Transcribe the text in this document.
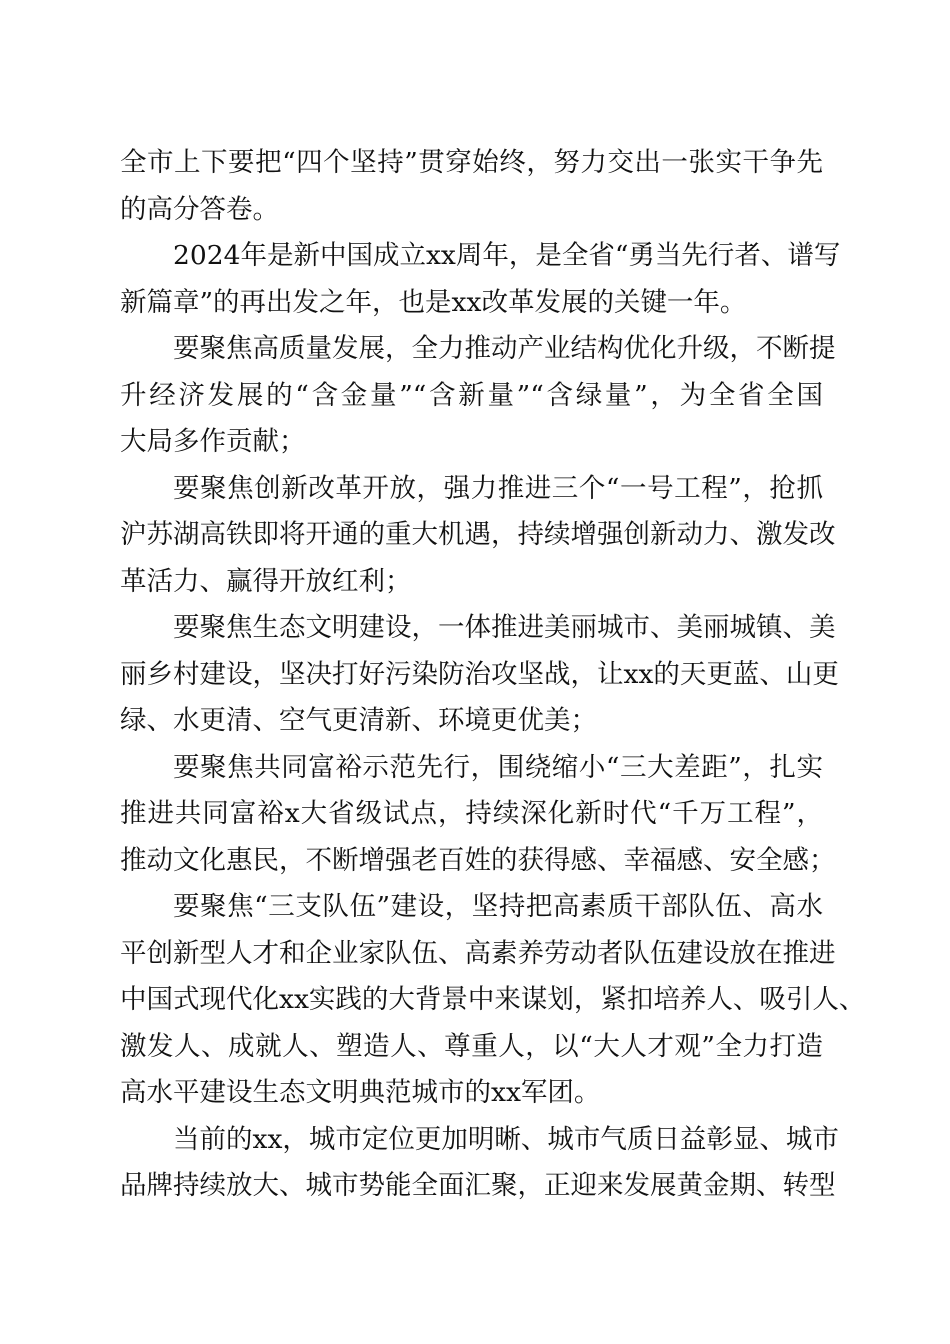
全市上下要把“四个坚持”贯穿始终，努力交出一张实干争先
的高分答卷。
2024年是新中国成立xx周年，是全省“勇当先行者、谱写
新篇章”的再出发之年，也是xx改革发展的关键一年。
要聚焦高质量发展，全力推动产业结构优化升级，不断提
升经济发展的“含金量”“含新量”“含绿量”，为全省全国
大局多作贡献；
要聚焦创新改革开放，强力推进三个“一号工程”，抢抓
沪苏湖高铁即将开通的重大机遇，持续增强创新动力、激发改
革活力、赢得开放红利；
要聚焦生态文明建设，一体推进美丽城市、美丽城镇、美
丽乡村建设，坚决打好污染防治攻坚战，让xx的天更蓝、山更
绿、水更清、空气更清新、环境更优美；
要聚焦共同富裕示范先行，围绕缩小“三大差距”，扎实
推进共同富裕x大省级试点，持续深化新时代“千万工程”，
推动文化惠民，不断增强老百姓的获得感、幸福感、安全感；
要聚焦“三支队伍”建设，坚持把高素质干部队伍、高水
平创新型人才和企业家队伍、高素养劳动者队伍建设放在推进
中国式现代化xx实践的大背景中来谋划，紧扣培养人、吸引人、
激发人、成就人、塑造人、尊重人，以“大人才观”全力打造
高水平建设生态文明典范城市的xx军团。
当前的xx，城市定位更加明晰、城市气质日益彰显、城市
品牌持续放大、城市势能全面汇聚，正迎来发展黄金期、转型
